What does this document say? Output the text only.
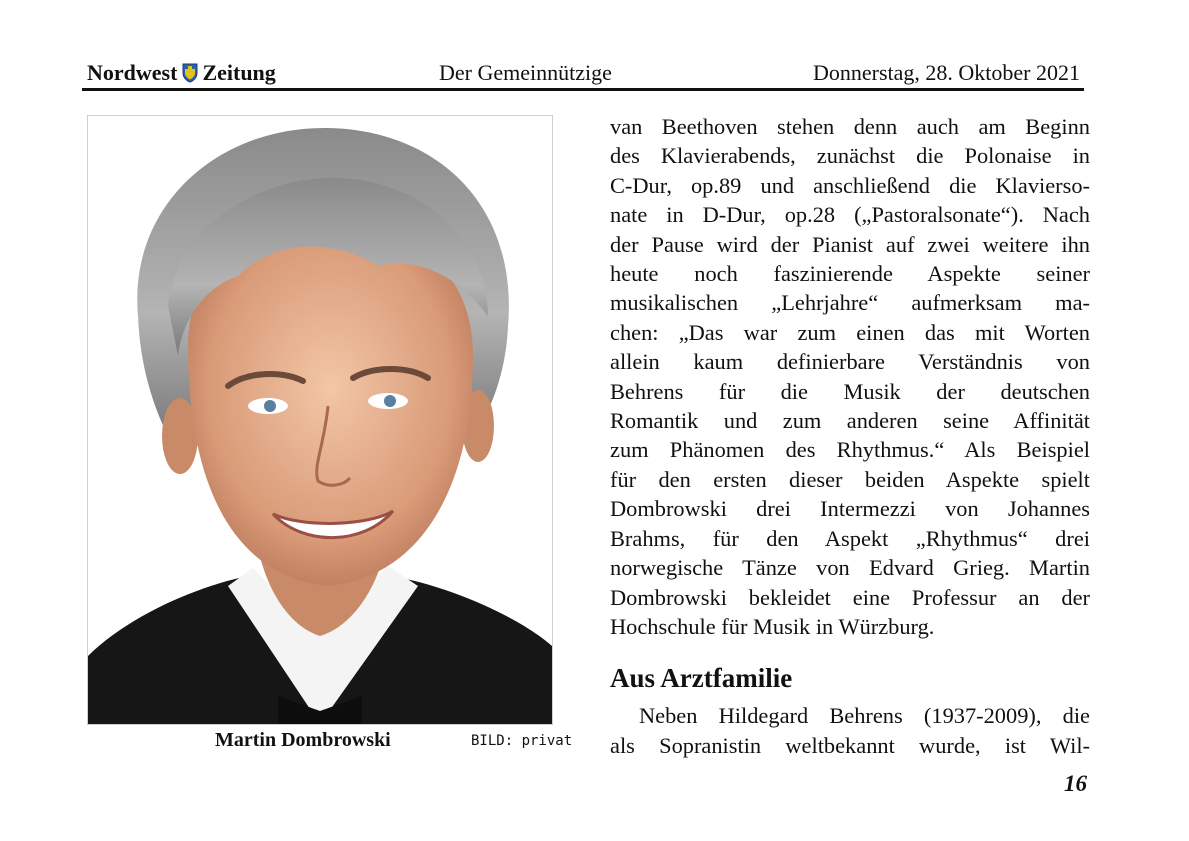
Nordwest Zeitung	Der Gemeinnützige	Donnerstag, 28. Oktober 2021
Martin Dombrowski	BILD: privat

van Beethoven stehen denn auch am Beginn
des Klavierabends, zunächst die Polonaise in
C-Dur, op.89 und anschließend die Klavierso-
nate in D-Dur, op.28 („Pastoralsonate“). Nach
der Pause wird der Pianist auf zwei weitere ihn
heute noch faszinierende Aspekte seiner
musikalischen „Lehrjahre“ aufmerksam ma-
chen: „Das war zum einen das mit Worten
allein kaum definierbare Verständnis von
Behrens für die Musik der deutschen
Romantik und zum anderen seine Affinität
zum Phänomen des Rhythmus.“ Als Beispiel
für den ersten dieser beiden Aspekte spielt
Dombrowski drei Intermezzi von Johannes
Brahms, für den Aspekt „Rhythmus“ drei
norwegische Tänze von Edvard Grieg. Martin
Dombrowski bekleidet eine Professur an der
Hochschule für Musik in Würzburg.

Aus Arztfamilie

Neben Hildegard Behrens (1937-2009), die
als Sopranistin weltbekannt wurde, ist Wil-

16
